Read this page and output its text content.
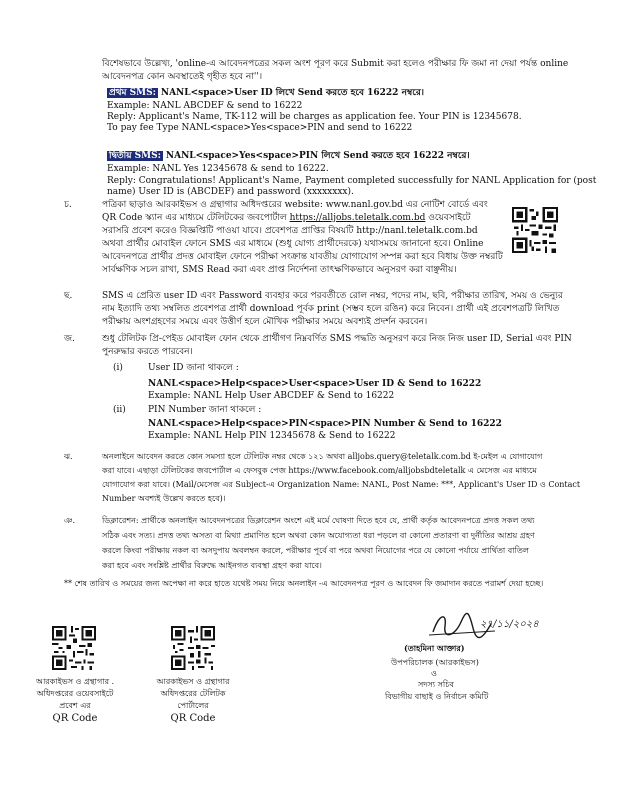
বিশেষভাবে উল্লেখ্য, 'online-এ আবেদনপত্রের সকল অংশ পূরণ করে Submit করা হলেও পরীক্ষার ফি জমা না দেয়া পর্যন্ত online
আবেদনপত্র কোন অবস্থাতেই গৃহীত হবে না''।
প্রথম SMS: NANL<space>User ID লিখে Send করতে হবে 16222 নম্বরে।
Example: NANL ABCDEF & send to 16222
Reply: Applicant's Name, TK-112 will be charges as application fee. Your PIN is 12345678.
To pay fee Type NANL<space>Yes<space>PIN and send to 16222
দ্বিতীয় SMS: NANL<space>Yes<space>PIN লিখে Send করতে হবে 16222 নম্বরে।
Example: NANL Yes 12345678 & send to 16222.
Reply: Congratulations! Applicant's Name, Payment completed successfully for NANL Application for (post
name) User ID is (ABCDEF) and password (xxxxxxxx).
চ.	পত্রিকা ছাড়াও আরকাইভস ও গ্রন্থাগার অধিদপ্তরের website: www.nanl.gov.bd এর নোটিশ বোর্ডে এবং
QR Code স্ক্যান এর মাধ্যমে টেলিটকের জবপোর্টাল https://alljobs.teletalk.com.bd ওয়েবসাইটে
সরাসরি প্রবেশ করেও বিজ্ঞপ্তিটি পাওয়া যাবে। প্রবেশপত্র প্রাপ্তির বিষয়টি http://nanl.teletalk.com.bd
অথবা প্রার্থীর মোবাইল ফোনে SMS এর মাধ্যমে (শুধু যোগ্য প্রার্থীদেরকে) যথাসময়ে জানানো হবে। Online
আবেদনপত্রে প্রার্থীর প্রদত্ত মোবাইল ফোনে পরীক্ষা সংক্রান্ত যাবতীয় যোগাযোগ সম্পন্ন করা হবে বিধায় উক্ত নম্বরটি
সার্বক্ষণিক সচল রাখা, SMS Read করা এবং প্রাপ্ত নির্দেশনা তাৎক্ষণিকভাবে অনুসরণ করা বাঞ্ছনীয়।
ছ.	SMS এ প্রেরিত user ID এবং Password ব্যবহার করে পরবর্তীতে রোল নম্বর, পদের নাম, ছবি, পরীক্ষার তারিখ, সময় ও ভেন্যুর
নাম ইত্যাদি তথ্য সম্বলিত প্রবেশপত্র প্রার্থী download পূর্বক print (সম্ভব হলে রঙিন) করে নিবেন। প্রার্থী এই প্রবেশপত্রটি লিখিত
পরীক্ষায় অংশগ্রহণের সময়ে এবং উত্তীর্ণ হলে মৌখিক পরীক্ষার সময়ে অবশ্যই প্রদর্শন করবেন।
জ.	শুধু টেলিটক প্রি-পেইড মোবাইল ফোন থেকে প্রার্থীগণ নিম্নবর্ণিত SMS পদ্ধতি অনুসরণ করে নিজ নিজ user ID, Serial এবং PIN
পুনরুদ্ধার করতে পারবেন।
(i)	User ID জানা থাকলে :
NANL<space>Help<space>User<space>User ID & Send to 16222
Example: NANL Help User ABCDEF & Send to 16222
(ii) PIN Number জানা থাকলে :
NANL<space>Help<space>PIN<space>PIN Number & Send to 16222
Example: NANL Help PIN 12345678 & Send to 16222
ঝ.	অনলাইনে আবেদন করতে কোন সমস্যা হলে টেলিটক নম্বর থেকে ১২১ অথবা alljobs.query@teletalk.com.bd ই-মেইল এ যোগাযোগ
করা যাবে। এছাড়া টেলিটকের জবপোর্টাল এ ফেসবুক পেজ https://www.facebook.com/alljobsbdteletalk এ মেসেজ এর মাধ্যমে
যোগাযোগ করা যাবে। (Mail/মেসেজ এর Subject-এ Organization Name: NANL, Post Name: ***, Applicant's User ID ও Contact
Number অবশ্যই উল্লেখ করতে হবে)।
ঞ.	ডিক্লারেশন: প্রার্থীকে অনলাইন আবেদনপত্রের ডিক্লারেশন অংশে এই মর্মে ঘোষণা দিতে হবে যে, প্রার্থী কর্তৃক আবেদনপত্রে প্রদত্ত সকল তথ্য
সঠিক এবং সত্য। প্রদত্ত তথ্য অসত্য বা মিথ্যা প্রমাণিত হলে অথবা কোন অযোগ্যতা ধরা পড়লে বা কোনো প্রতারণা বা দুর্নীতির আশ্রয় গ্রহণ
করলে কিংবা পরীক্ষায় নকল বা অসদুপায় অবলম্বন করলে, পরীক্ষার পূর্বে বা পরে অথবা নিয়োগের পরে যে কোনো পর্যায়ে প্রার্থিতা বাতিল
করা হবে এবং সংশ্লিষ্ট প্রার্থীর বিরুদ্ধে আইনগত ব্যবস্থা গ্রহণ করা যাবে।
** শেষ তারিখ ও সময়ের জন্য অপেক্ষা না করে হাতে যথেষ্ট সময় নিয়ে অনলাইন -এ আবেদনপত্র পূরণ ও আবেদন ফি জমাদান করতে পরামর্শ দেয়া হচ্ছে।
২৭/১১/২০২৪
(তাহমিনা আক্তার)
উপপরিচালক (আরকাইভস)
ও
সদস্য সচিব
বিভাগীয় বাছাই ও নির্বাচন কমিটি
আরকাইভস ও গ্রন্থাগার .
অধিদপ্তরের ওয়েবসাইটে
প্রবেশ এর
QR Code
আরকাইভস ও গ্রন্থাগার
অধিদপ্তরের টেলিটক
পোর্টালের
QR Code
